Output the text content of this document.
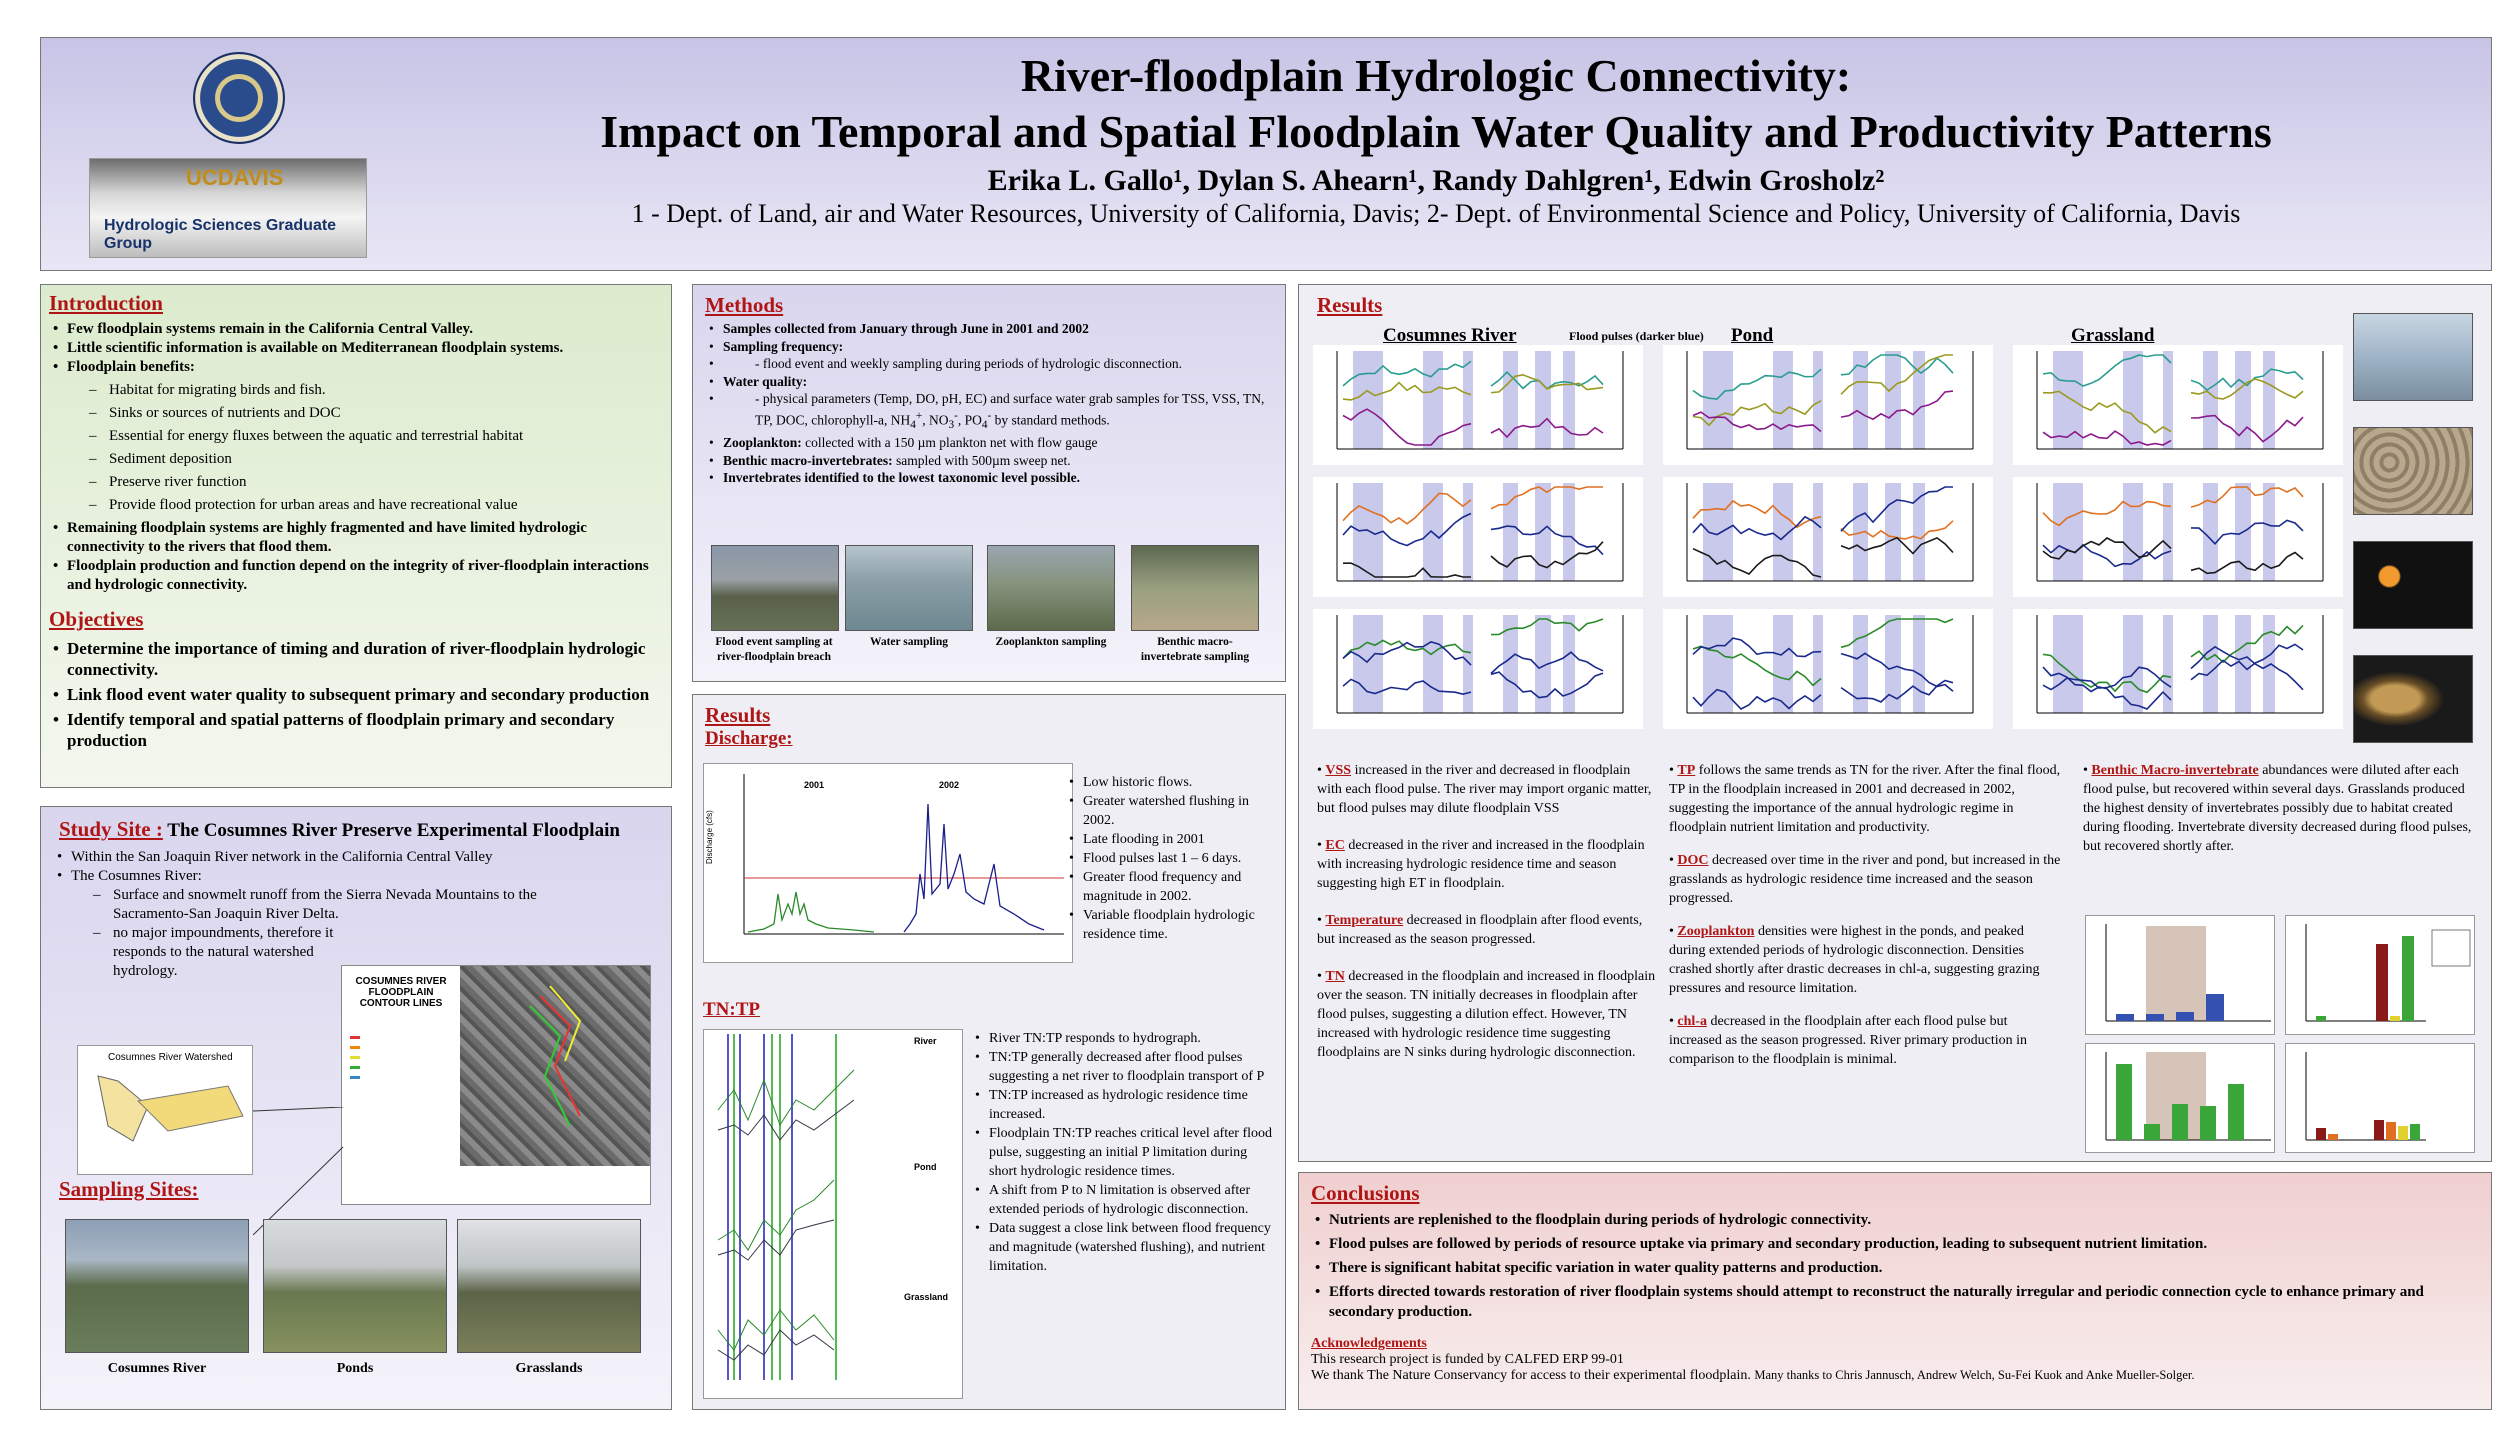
UCDAVIS
Hydrologic Sciences Graduate Group
River-floodplain Hydrologic Connectivity:
Impact on Temporal and Spatial Floodplain Water Quality and Productivity Patterns
Erika L. Gallo¹, Dylan S. Ahearn¹, Randy Dahlgren¹, Edwin Grosholz²
1 - Dept. of Land, air and Water Resources, University of California, Davis; 2- Dept. of Environmental Science and Policy, University of California, Davis
Introduction
• Few floodplain systems remain in the California Central Valley.
• Little scientific information is available on Mediterranean floodplain systems.
• Floodplain benefits:
– Habitat for migrating birds and fish.
– Sinks or sources of nutrients and DOC
– Essential for energy fluxes between the aquatic and terrestrial habitat
– Sediment deposition
– Preserve river function
– Provide flood protection for urban areas and have recreational value
• Remaining floodplain systems are highly fragmented and have limited hydrologic connectivity to the rivers that flood them.
• Floodplain production and function depend on the integrity of river-floodplain interactions and hydrologic connectivity.
Objectives
• Determine the importance of timing and duration of river-floodplain hydrologic connectivity.
• Link flood event water quality to subsequent primary and secondary production
• Identify temporal and spatial patterns of floodplain primary and secondary production
Study Site : The Cosumnes River Preserve Experimental Floodplain
• Within the San Joaquin River network in the California Central Valley
• The Cosumnes River:
– Surface and snowmelt runoff from the Sierra Nevada Mountains to the Sacramento-San Joaquin River Delta.
– no major impoundments, therefore it responds to the natural watershed hydrology.
Cosumnes River Watershed
COSUMNES RIVER FLOODPLAIN CONTOUR LINES
Sampling Sites:
Cosumnes River	Ponds	Grasslands
Methods
• Samples collected from January through June in 2001 and 2002
• Sampling frequency:
• - flood event and weekly sampling during periods of hydrologic disconnection.
• Water quality:
• - physical parameters (Temp, DO, pH, EC) and surface water grab samples for TSS, VSS, TN, TP, DOC, chlorophyll-a, $NH_4^+$, $NO_3^-$, $PO_4^-$ by standard methods.
• Zooplankton: collected with a 150 µm plankton net with flow gauge
• Benthic macro-invertebrates: sampled with 500µm sweep net.
• Invertebrates identified to the lowest taxonomic level possible.
Flood event sampling at river-floodplain breach
Water sampling	Zooplankton sampling	Benthic macro-invertebrate sampling
Results
Discharge:
2001	2002
Discharge (cfs)
• Low historic flows.
• Greater watershed flushing in 2002.
• Late flooding in 2001
• Flood pulses last 1 – 6 days.
• Greater flood frequency and magnitude in 2002.
• Variable floodplain hydrologic residence time.
TN:TP
River
Pond
Grassland
• River TN:TP responds to hydrograph.
• TN:TP generally decreased after flood pulses suggesting a net river to floodplain transport of P
• TN:TP increased as hydrologic residence time increased.
• Floodplain TN:TP reaches critical level after flood pulse, suggesting an initial P limitation during short hydrologic residence times.
• A shift from P to N limitation is observed after extended periods of hydrologic disconnection.
• Data suggest a close link between flood frequency and magnitude (watershed flushing), and nutrient limitation.
Results
Cosumnes River	Flood pulses (darker blue) Pond	Grassland

• VSS increased in the river and decreased in floodplain with each flood pulse. The river may import organic matter, but flood pulses may dilute floodplain VSS

• EC decreased in the river and increased in the floodplain with increasing hydrologic residence time and season suggesting high ET in floodplain.

• Temperature decreased in floodplain after flood events, but increased as the season progressed.

• TN decreased in the floodplain and increased in floodplain over the season. TN initially decreases in floodplain after flood pulses, suggesting a dilution effect. However, TN increased with hydrologic residence time suggesting floodplains are N sinks during hydrologic disconnection.

• TP follows the same trends as TN for the river. After the final flood, TP in the floodplain increased in 2001 and decreased in 2002, suggesting the importance of the annual hydrologic regime in floodplain nutrient limitation and productivity.

• DOC decreased over time in the river and pond, but increased in the grasslands as hydrologic residence time increased and the season progressed.

• Zooplankton densities were highest in the ponds, and peaked during extended periods of hydrologic disconnection. Densities crashed shortly after drastic decreases in chl-a, suggesting grazing pressures and resource limitation.

• chl-a decreased in the floodplain after each flood pulse but increased as the season progressed. River primary production in comparison to the floodplain is minimal.

• Benthic Macro-invertebrate abundances were diluted after each flood pulse, but recovered within several days. Grasslands produced the highest density of invertebrates possibly due to habitat created during flooding. Invertebrate diversity decreased during flood pulses, but recovered shortly after.

Conclusions
• Nutrients are replenished to the floodplain during periods of hydrologic connectivity.
• Flood pulses are followed by periods of resource uptake via primary and secondary production, leading to subsequent nutrient limitation.
• There is significant habitat specific variation in water quality patterns and production.
• Efforts directed towards restoration of river floodplain systems should attempt to reconstruct the naturally irregular and periodic connection cycle to enhance primary and secondary production.
Acknowledgements
This research project is funded by CALFED ERP 99-01
We thank The Nature Conservancy for access to their experimental floodplain. Many thanks to Chris Jannusch, Andrew Welch, Su-Fei Kuok and Anke Mueller-Solger.
